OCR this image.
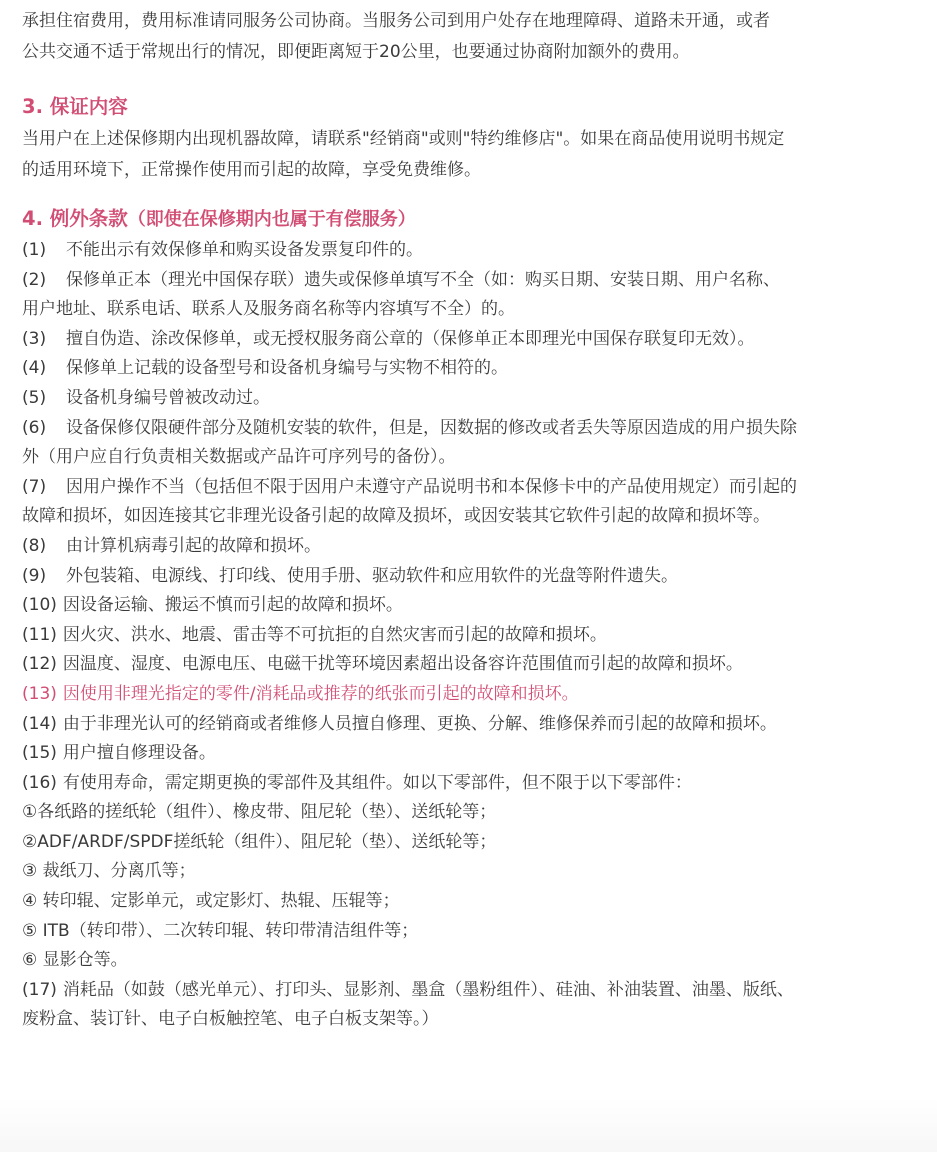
承担住宿费用，费用标准请同服务公司协商。当服务公司到用户处存在地理障碍、道路未开通，或者
公共交通不适于常规出行的情况，即便距离短于20公里，也要通过协商附加额外的费用。
3. 保证内容
当用户在上述保修期内出现机器故障，请联系"经销商"或则"特约维修店"。如果在商品使用说明书规定
的适用环境下，正常操作使用而引起的故障，享受免费维修。
4. 例外条款（即使在保修期内也属于有偿服务）
(1) 不能出示有效保修单和购买设备发票复印件的。
(2) 保修单正本（理光中国保存联）遗失或保修单填写不全（如：购买日期、安装日期、用户名称、
用户地址、联系电话、联系人及服务商名称等内容填写不全）的。
(3) 擅自伪造、涂改保修单，或无授权服务商公章的（保修单正本即理光中国保存联复印无效）。
(4) 保修单上记载的设备型号和设备机身编号与实物不相符的。
(5) 设备机身编号曾被改动过。
(6) 设备保修仅限硬件部分及随机安装的软件，但是，因数据的修改或者丢失等原因造成的用户损失除
外（用户应自行负责相关数据或产品许可序列号的备份）。
(7) 因用户操作不当（包括但不限于因用户未遵守产品说明书和本保修卡中的产品使用规定）而引起的
故障和损坏，如因连接其它非理光设备引起的故障及损坏，或因安装其它软件引起的故障和损坏等。
(8) 由计算机病毒引起的故障和损坏。
(9) 外包装箱、电源线、打印线、使用手册、驱动软件和应用软件的光盘等附件遗失。
(10) 因设备运输、搬运不慎而引起的故障和损坏。
(11) 因火灾、洪水、地震、雷击等不可抗拒的自然灾害而引起的故障和损坏。
(12) 因温度、湿度、电源电压、电磁干扰等环境因素超出设备容许范围值而引起的故障和损坏。
(13) 因使用非理光指定的零件/消耗品或推荐的纸张而引起的故障和损坏。
(14) 由于非理光认可的经销商或者维修人员擅自修理、更换、分解、维修保养而引起的故障和损坏。
(15) 用户擅自修理设备。
(16) 有使用寿命，需定期更换的零部件及其组件。如以下零部件，但不限于以下零部件：
①各纸路的搓纸轮（组件）、橡皮带、阻尼轮（垫）、送纸轮等；
②ADF/ARDF/SPDF搓纸轮（组件）、阻尼轮（垫）、送纸轮等；
③ 裁纸刀、分离爪等；
④ 转印辊、定影单元，或定影灯、热辊、压辊等；
⑤ ITB（转印带）、二次转印辊、转印带清洁组件等；
⑥ 显影仓等。
(17) 消耗品（如鼓（感光单元）、打印头、显影剂、墨盒（墨粉组件）、硅油、补油装置、油墨、版纸、
废粉盒、装订针、电子白板触控笔、电子白板支架等。）
